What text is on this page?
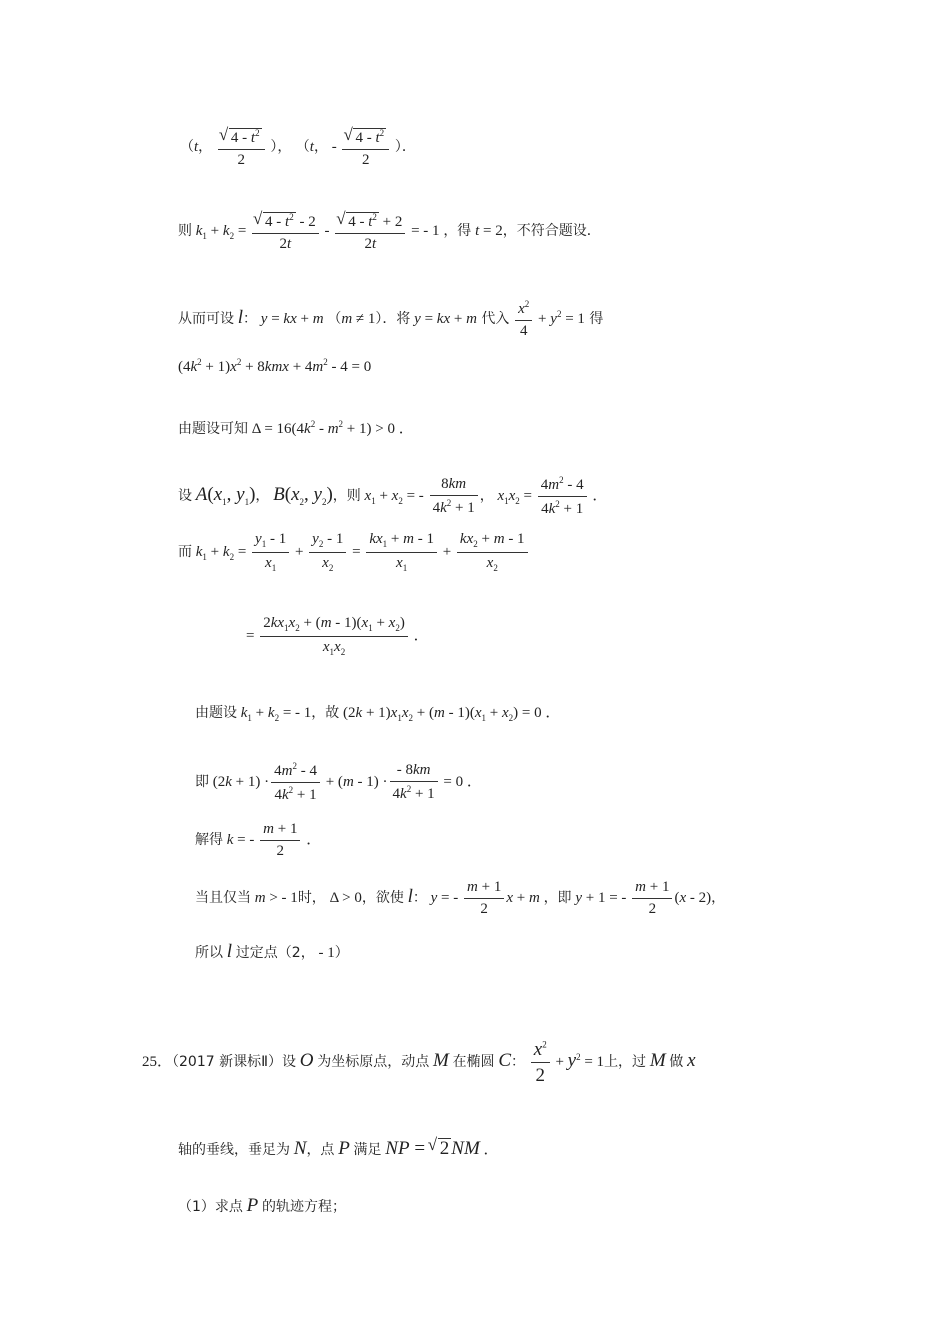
（t， √ $\frac{4 - t^2}{2}$ ）， （t， - √ $\frac{4 - t^2}{2}$ ）．
则 $k_1 + k_2$ = √ $\frac{4 - t^2 - 2}{2t}$ - √ $\frac{4 - t^2 + 2}{2t}$ = - 1 ，得 t = 2，不符合题设．
从而可设 l： y = kx + m （m ≠ 1）．将 y = kx + m 代入 $\frac{x^2}{4} + y^2 = 1$ 得
$(4k^2 + 1)x^2 + 8kmx + 4m^2 - 4 = 0$
由题设可知 $\Delta = 16(4k^2 - m^2 + 1) > 0$ ．
设 $A(x_1$, $y_1$)， $B(x_2$, $y_2$)，则 $x_1 + x_2$ = - $\frac{8km}{4k^2 + 1}$ ， $x_1x_2 = \frac{4m^2 - 4}{4k^2 + 1}$ ．
而 $k_1 + k_2 = \frac{y_1 - 1}{x_1} + \frac{y_2 - 1}{x_2} = \frac{kx_1 + m - 1}{x_1} + \frac{kx_2 + m - 1}{x_2}$
= $\frac{2kx_1x_2 + (m - 1)(x_1 + x_2)}{x_1x_2}$ ．
由题设 $k_1 + k_2$ = - 1，故 $(2k + 1)x_1x_2 + (m - 1)(x_1 + x_2) = 0$ ．
即 $(2k + 1) \cdot \frac{4m^2 - 4}{4k^2 + 1} + (m - 1) \cdot \frac{- 8km}{4k^2 + 1} = 0$ ．
解得 k = - $\frac{m + 1}{2}$ ．
当且仅当 m > - 1时， Δ > 0，欲使 l： y = - $\frac{m + 1}{2}$ x + m ，即 y + 1 = - $\frac{m + 1}{2} (x - 2)$，
所以 l 过定点（2， - 1）
25．（2017 新课标Ⅱ）设 O 为坐标原点，动点 M 在椭圆 C： $\frac{x^2}{2} + y^2 = 1$上，过 M 做 x
轴的垂线，垂足为 N，点 P 满足 NP = √ 2 NM ．
（1）求点 P 的轨迹方程；
